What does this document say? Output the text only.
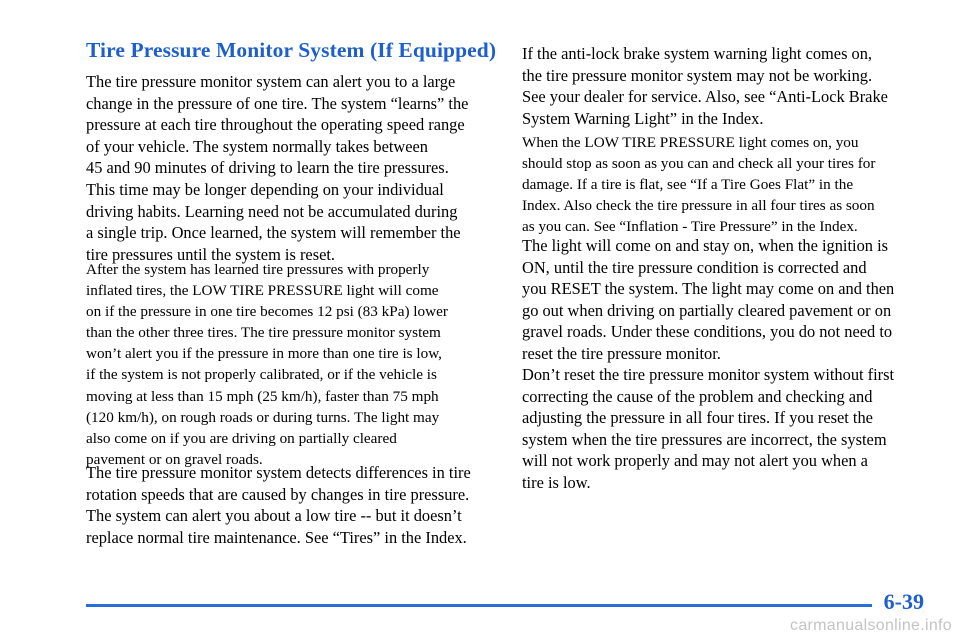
Tire Pressure Monitor System (If Equipped)

The tire pressure monitor system can alert you to a large
change in the pressure of one tire. The system “learns” the
pressure at each tire throughout the operating speed range
of your vehicle. The system normally takes between
45 and 90 minutes of driving to learn the tire pressures.
This time may be longer depending on your individual
driving habits. Learning need not be accumulated during
a single trip. Once learned, the system will remember the
tire pressures until the system is reset.

After the system has learned tire pressures with properly
inflated tires, the LOW TIRE PRESSURE light will come
on if the pressure in one tire becomes 12 psi (83 kPa) lower
than the other three tires. The tire pressure monitor system
won’t alert you if the pressure in more than one tire is low,
if the system is not properly calibrated, or if the vehicle is
moving at less than 15 mph (25 km/h), faster than 75 mph
(120 km/h), on rough roads or during turns. The light may
also come on if you are driving on partially cleared
pavement or on gravel roads.

The tire pressure monitor system detects differences in tire
rotation speeds that are caused by changes in tire pressure.
The system can alert you about a low tire -- but it doesn’t
replace normal tire maintenance. See “Tires” in the Index.

If the anti-lock brake system warning light comes on,
the tire pressure monitor system may not be working.
See your dealer for service. Also, see “Anti-Lock Brake
System Warning Light” in the Index.

When the LOW TIRE PRESSURE light comes on, you
should stop as soon as you can and check all your tires for
damage. If a tire is flat, see “If a Tire Goes Flat” in the
Index. Also check the tire pressure in all four tires as soon
as you can. See “Inflation - Tire Pressure” in the Index.

The light will come on and stay on, when the ignition is
ON, until the tire pressure condition is corrected and
you RESET the system. The light may come on and then
go out when driving on partially cleared pavement or on
gravel roads. Under these conditions, you do not need to
reset the tire pressure monitor.

Don’t reset the tire pressure monitor system without first
correcting the cause of the problem and checking and
adjusting the pressure in all four tires. If you reset the
system when the tire pressures are incorrect, the system
will not work properly and may not alert you when a
tire is low.

6-39
carmanualsonline.info
